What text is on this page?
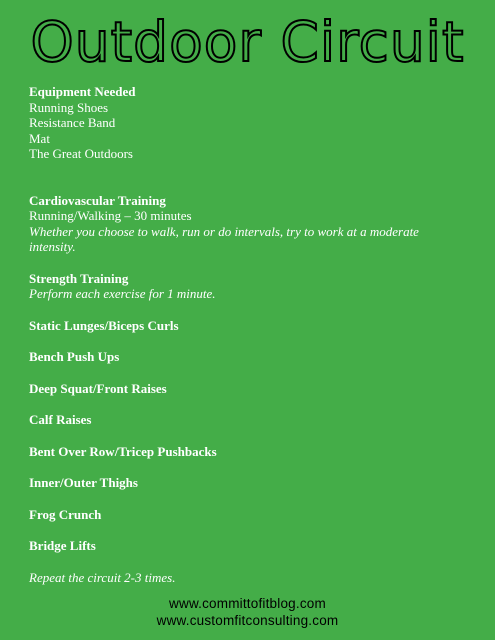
Outdoor Circuit
Equipment Needed
Running Shoes
Resistance Band
Mat
The Great Outdoors
Cardiovascular Training
Running/Walking – 30 minutes
Whether you choose to walk, run or do intervals, try to work at a moderate intensity.
Strength Training
Perform each exercise for 1 minute.
Static Lunges/Biceps Curls
Bench Push Ups
Deep Squat/Front Raises
Calf Raises
Bent Over Row/Tricep Pushbacks
Inner/Outer Thighs
Frog Crunch
Bridge Lifts
Repeat the circuit 2-3 times.
www.committofitblog.com
www.customfitconsulting.com
